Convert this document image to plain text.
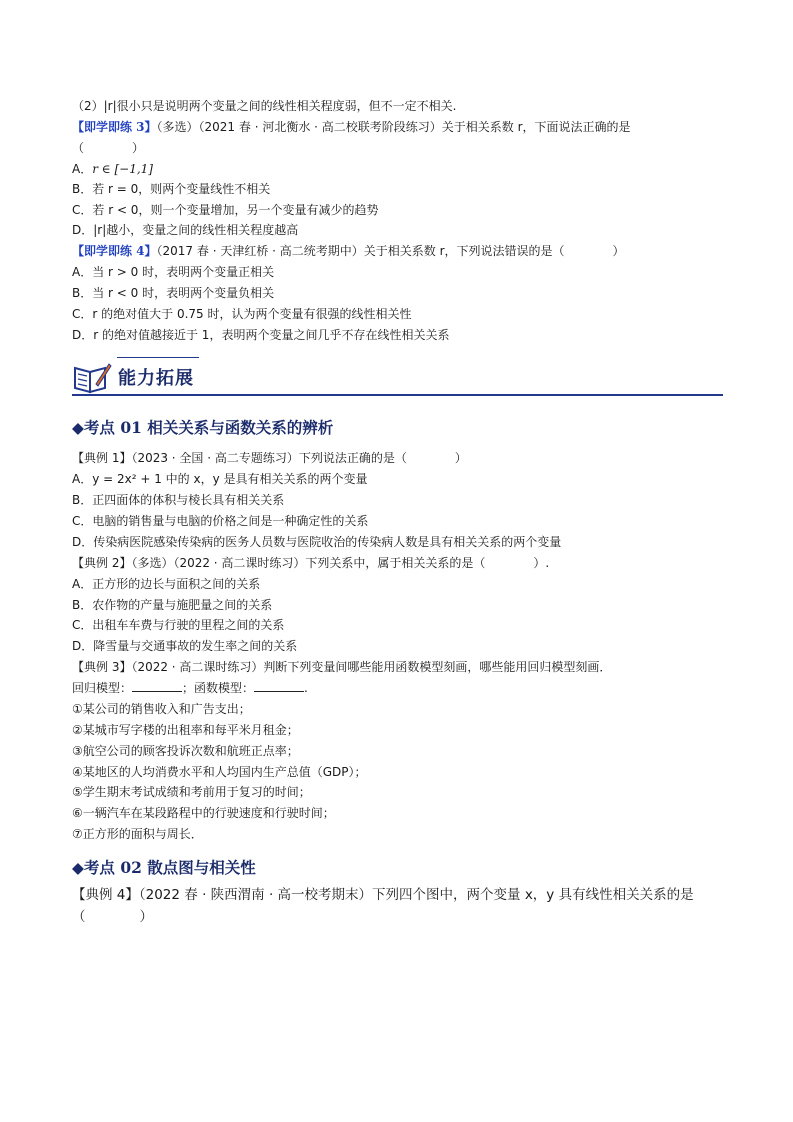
（2）|r|很小只是说明两个变量之间的线性相关程度弱，但不一定不相关.
【即学即练 3】（多选）（2021 春 · 河北衡水 · 高二校联考阶段练习）关于相关系数 r，下面说法正确的是
（　　　　）
A．r ∈ [−1,1]
B．若 r = 0，则两个变量线性不相关
C．若 r < 0，则一个变量增加，另一个变量有减少的趋势
D．|r|越小，变量之间的线性相关程度越高
【即学即练 4】（2017 春 · 天津红桥 · 高二统考期中）关于相关系数 r，下列说法错误的是（　　　　）
A．当 r > 0 时，表明两个变量正相关
B．当 r < 0 时，表明两个变量负相关
C．r 的绝对值大于 0.75 时，认为两个变量有很强的线性相关性
D．r 的绝对值越接近于 1，表明两个变量之间几乎不存在线性相关关系
能力拓展
◆考点 01 相关关系与函数关系的辨析
【典例 1】（2023 · 全国 · 高二专题练习）下列说法正确的是（　　　　）
A．y = 2x² + 1 中的 x，y 是具有相关关系的两个变量
B．正四面体的体积与棱长具有相关关系
C．电脑的销售量与电脑的价格之间是一种确定性的关系
D．传染病医院感染传染病的医务人员数与医院收治的传染病人数是具有相关关系的两个变量
【典例 2】（多选）（2022 · 高二课时练习）下列关系中，属于相关关系的是（　　　　）.
A．正方形的边长与面积之间的关系
B．农作物的产量与施肥量之间的关系
C．出租车车费与行驶的里程之间的关系
D．降雪量与交通事故的发生率之间的关系
【典例 3】（2022 · 高二课时练习）判断下列变量间哪些能用函数模型刻画，哪些能用回归模型刻画．
回归模型：	；函数模型：	.
①某公司的销售收入和广告支出；
②某城市写字楼的出租率和每平米月租金；
③航空公司的顾客投诉次数和航班正点率；
④某地区的人均消费水平和人均国内生产总值（GDP）；
⑤学生期末考试成绩和考前用于复习的时间；
⑥一辆汽车在某段路程中的行驶速度和行驶时间；
⑦正方形的面积与周长．
◆考点 02 散点图与相关性
【典例 4】（2022 春 · 陕西渭南 · 高一校考期末）下列四个图中，两个变量 x，y 具有线性相关关系的是（　　　　）
